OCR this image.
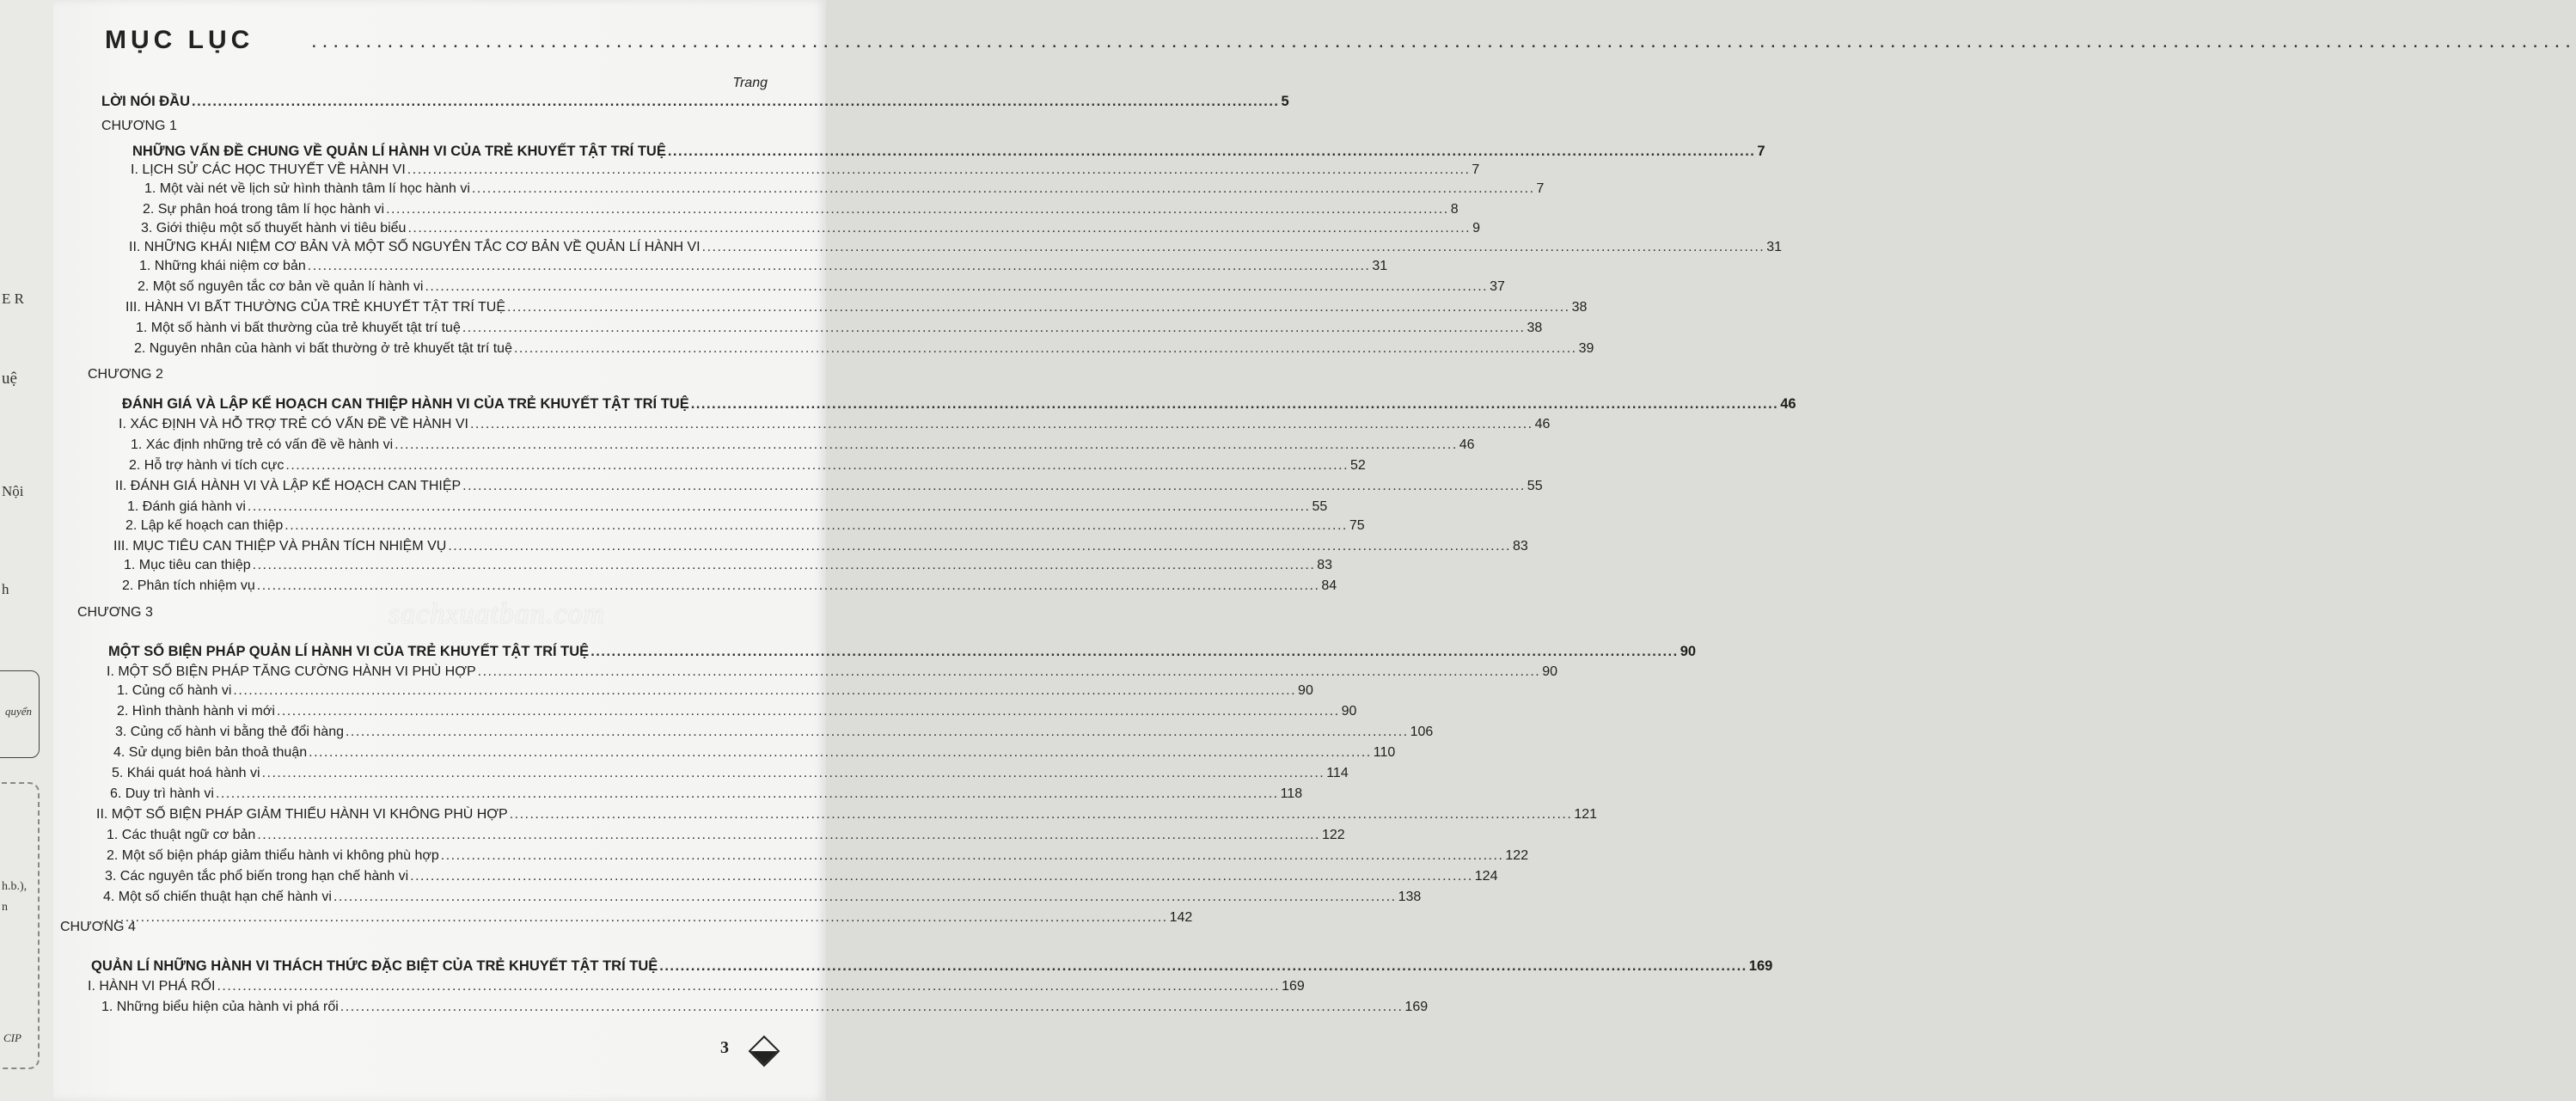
E R
uệ
Nội
h
quyển
h.b.),
n
CIP
MỤC LỤC	................................................................................................................................................................................................................
Trang
LỜI NÓI ĐẦU ................................................................................................................................................................................................................ 5
CHƯƠNG 1
NHỮNG VẤN ĐỀ CHUNG VỀ QUẢN LÍ HÀNH VI CỦA TRẺ KHUYẾT TẬT TRÍ TUỆ ................................................................................................................................................................................................................ 7
I. LỊCH SỬ CÁC HỌC THUYẾT VỀ HÀNH VI ................................................................................................................................................................................................................ 7
1. Một vài nét về lịch sử hình thành tâm lí học hành vi ................................................................................................................................................................................................................ 7
2. Sự phân hoá trong tâm lí học hành vi ................................................................................................................................................................................................................ 8
3. Giới thiệu một số thuyết hành vi tiêu biểu ................................................................................................................................................................................................................ 9
II. NHỮNG KHÁI NIỆM CƠ BẢN VÀ MỘT SỐ NGUYÊN TẮC CƠ BẢN VỀ QUẢN LÍ HÀNH VI ................................................................................................................................................................................................................ 31
1. Những khái niệm cơ bản ................................................................................................................................................................................................................ 31
2. Một số nguyên tắc cơ bản về quản lí hành vi ................................................................................................................................................................................................................ 37
III. HÀNH VI BẤT THƯỜNG CỦA TRẺ KHUYẾT TẬT TRÍ TUỆ ................................................................................................................................................................................................................ 38
1. Một số hành vi bất thường của trẻ khuyết tật trí tuệ ................................................................................................................................................................................................................ 38
2. Nguyên nhân của hành vi bất thường ở trẻ khuyết tật trí tuệ ................................................................................................................................................................................................................ 39
ĐÁNH GIÁ VÀ LẬP KẾ HOẠCH CAN THIỆP HÀNH VI CỦA TRẺ KHUYẾT TẬT TRÍ TUỆ ................................................................................................................................................................................................................ 46
I. XÁC ĐỊNH VÀ HỖ TRỢ TRẺ CÓ VẤN ĐỀ VỀ HÀNH VI ................................................................................................................................................................................................................ 46
1. Xác định những trẻ có vấn đề về hành vi ................................................................................................................................................................................................................ 46
2. Hỗ trợ hành vi tích cực ................................................................................................................................................................................................................ 52
II. ĐÁNH GIÁ HÀNH VI VÀ LẬP KẾ HOẠCH CAN THIỆP ................................................................................................................................................................................................................ 55
1. Đánh giá hành vi ................................................................................................................................................................................................................ 55
2. Lập kế hoạch can thiệp ................................................................................................................................................................................................................ 75
III. MỤC TIÊU CAN THIỆP VÀ PHÂN TÍCH NHIỆM VỤ ................................................................................................................................................................................................................ 83
1. Mục tiêu can thiệp ................................................................................................................................................................................................................ 83
2. Phân tích nhiệm vụ ................................................................................................................................................................................................................ 84
MỘT SỐ BIỆN PHÁP QUẢN LÍ HÀNH VI CỦA TRẺ KHUYẾT TẬT TRÍ TUỆ ................................................................................................................................................................................................................ 90
I. MỘT SỐ BIỆN PHÁP TĂNG CƯỜNG HÀNH VI PHÙ HỢP ................................................................................................................................................................................................................ 90
1. Củng cố hành vi ................................................................................................................................................................................................................ 90
2. Hình thành hành vi mới ................................................................................................................................................................................................................ 90
3. Củng cố hành vi bằng thẻ đổi hàng ................................................................................................................................................................................................................ 106
4. Sử dụng biên bản thoả thuận ................................................................................................................................................................................................................ 110
5. Khái quát hoá hành vi ................................................................................................................................................................................................................ 114
6. Duy trì hành vi ................................................................................................................................................................................................................ 118
II. MỘT SỐ BIỆN PHÁP GIẢM THIỂU HÀNH VI KHÔNG PHÙ HỢP ................................................................................................................................................................................................................ 121
1. Các thuật ngữ cơ bản ................................................................................................................................................................................................................ 122
2. Một số biện pháp giảm thiểu hành vi không phù hợp ................................................................................................................................................................................................................ 122
3. Các nguyên tắc phổ biến trong hạn chế hành vi ................................................................................................................................................................................................................ 124
4. Một số chiến thuật hạn chế hành vi ................................................................................................................................................................................................................ 138
................................................................................................................................................................................................................ 142
QUẢN LÍ NHỮNG HÀNH VI THÁCH THỨC ĐẶC BIỆT CỦA TRẺ KHUYẾT TẬT TRÍ TUỆ ................................................................................................................................................................................................................ 169
I. HÀNH VI PHÁ RỐI ................................................................................................................................................................................................................ 169
1. Những biểu hiện của hành vi phá rối ................................................................................................................................................................................................................ 169
CHƯƠNG 2
CHƯƠNG 3
CHƯƠNG 4
sachxuatban.com
3
